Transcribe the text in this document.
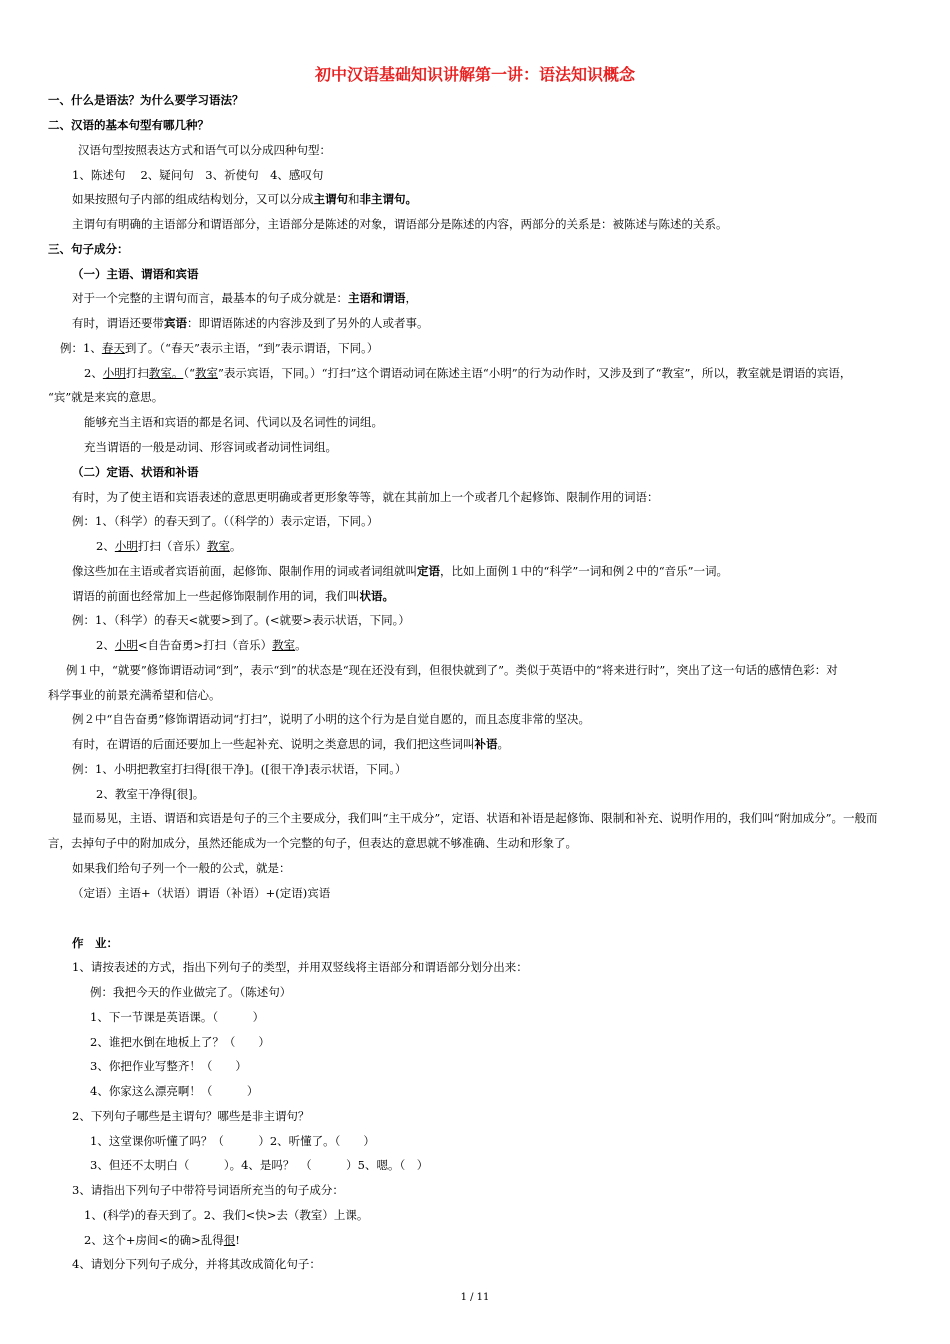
初中汉语基础知识讲解第一讲：语法知识概念
一、什么是语法？为什么要学习语法？
二、汉语的基本句型有哪几种？
汉语句型按照表达方式和语气可以分成四种句型：
1、陈述句　 2、疑问句　3、祈使句　4、感叹句
如果按照句子内部的组成结构划分，又可以分成主谓句和非主谓句。
主谓句有明确的主语部分和谓语部分，主语部分是陈述的对象，谓语部分是陈述的内容，两部分的关系是：被陈述与陈述的关系。
三、句子成分：
（一）主语、谓语和宾语
对于一个完整的主谓句而言，最基本的句子成分就是：主语和谓语，
有时，谓语还要带宾语：即谓语陈述的内容涉及到了另外的人或者事。
例：1、春天到了。（“春天”表示主语，“到”表示谓语，下同。）
2、小明打扫教室。（“教室”表示宾语，下同。）“打扫”这个谓语动词在陈述主语“小明”的行为动作时，又涉及到了“教室”，所以，教室就是谓语的宾语，
“宾”就是来宾的意思。
能够充当主语和宾语的都是名词、代词以及名词性的词组。
充当谓语的一般是动词、形容词或者动词性词组。
（二）定语、状语和补语
有时，为了使主语和宾语表述的意思更明确或者更形象等等，就在其前加上一个或者几个起修饰、限制作用的词语：
例：1、（科学）的春天到了。（（科学的）表示定语，下同。）
2、小明打扫（音乐）教室。
像这些加在主语或者宾语前面，起修饰、限制作用的词或者词组就叫定语，比如上面例１中的“科学”一词和例２中的“音乐”一词。
谓语的前面也经常加上一些起修饰限制作用的词，我们叫状语。
例：1、（科学）的春天<就要>到了。(<就要>表示状语，下同。）
2、小明<自告奋勇>打扫（音乐）教室。
例１中，“就要”修饰谓语动词“到”，表示“到”的状态是“现在还没有到，但很快就到了”。类似于英语中的“将来进行时”，突出了这一句话的感情色彩：对
科学事业的前景充满希望和信心。
例２中“自告奋勇”修饰谓语动词“打扫”，说明了小明的这个行为是自觉自愿的，而且态度非常的坚决。
有时，在谓语的后面还要加上一些起补充、说明之类意思的词，我们把这些词叫补语。
例：1、小明把教室打扫得[很干净]。([很干净]表示状语，下同。）
2、教室干净得[很]。
显而易见，主语、谓语和宾语是句子的三个主要成分，我们叫“主干成分”，定语、状语和补语是起修饰、限制和补充、说明作用的，我们叫“附加成分”。一般而
言，去掉句子中的附加成分，虽然还能成为一个完整的句子，但表达的意思就不够准确、生动和形象了。
如果我们给句子列一个一般的公式，就是：
（定语）主语+（状语）谓语（补语）+(定语)宾语
作　业：
1、请按表述的方式，指出下列句子的类型，并用双竖线将主语部分和谓语部分划分出来：
例：我把今天的作业做完了。（陈述句）
1、下一节课是英语课。（　　　）
2、谁把水倒在地板上了？（　　）
3、你把作业写整齐！（　　）
4、你家这么漂亮啊！（　　　）
2、下列句子哪些是主谓句？哪些是非主谓句？
1、这堂课你听懂了吗？（　　　）2、听懂了。（　　）
3、但还不太明白（　　　）。4、是吗？　（　　　）5、嗯。（　）
3、请指出下列句子中带符号词语所充当的句子成分：
1、(科学)的春天到了。2、我们<快>去（教室）上课。
2、这个+房间<的确>乱得很!
4、请划分下列句子成分，并将其改成简化句子：
1 / 11
